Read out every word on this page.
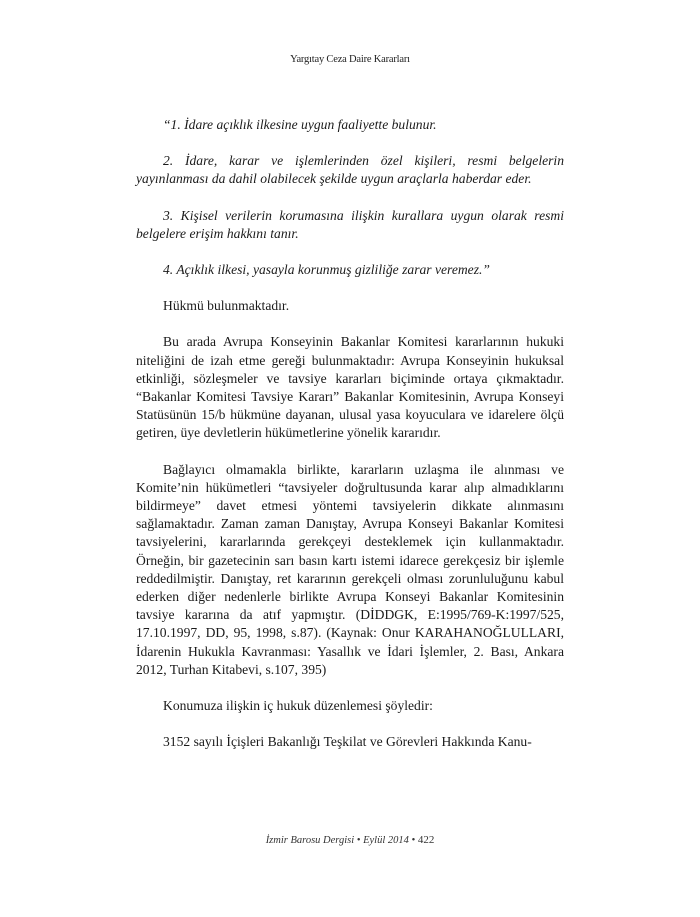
Yargıtay Ceza Daire Kararları

“1. İdare açıklık ilkesine uygun faaliyette bulunur.

2. İdare, karar ve işlemlerinden özel kişileri, resmi belgelerin yayınlanması da dahil olabilecek şekilde uygun araçlarla haberdar eder.

3. Kişisel verilerin korumasına ilişkin kurallara uygun olarak resmi belgelere erişim hakkını tanır.

4. Açıklık ilkesi, yasayla korunmuş gizliliğe zarar veremez.”

Hükmü bulunmaktadır.

Bu arada Avrupa Konseyinin Bakanlar Komitesi kararlarının hukuki niteliğini de izah etme gereği bulunmaktadır: Avrupa Konseyinin hukuksal etkinliği, sözleşmeler ve tavsiye kararları biçiminde ortaya çıkmaktadır. “Bakanlar Komitesi Tavsiye Kararı” Bakanlar Komitesinin, Avrupa Konseyi Statüsünün 15/b hükmüne dayanan, ulusal yasa koyuculara ve idarelere ölçü getiren, üye devletlerin hükümetlerine yönelik kararıdır.

Bağlayıcı olmamakla birlikte, kararların uzlaşma ile alınması ve Komite’nin hükümetleri “tavsiyeler doğrultusunda karar alıp almadıklarını bildirmeye” davet etmesi yöntemi tavsiyelerin dikkate alınmasını sağlamaktadır. Zaman zaman Danıştay, Avrupa Konseyi Bakanlar Komitesi tavsiyelerini, kararlarında gerekçeyi desteklemek için kullanmaktadır. Örneğin, bir gazetecinin sarı basın kartı istemi idarece gerekçesiz bir işlemle reddedilmiştir. Danıştay, ret kararının gerekçeli olması zorunluluğunu kabul ederken diğer nedenlerle birlikte Avrupa Konseyi Bakanlar Komitesinin tavsiye kararına da atıf yapmıştır. (DİDDGK, E:1995/769-K:1997/525, 17.10.1997, DD, 95, 1998, s.87). (Kaynak: Onur KARAHANOĞLULLARI, İdarenin Hukukla Kavranması: Yasallık ve İdari İşlemler, 2. Bası, Ankara 2012, Turhan Kitabevi, s.107, 395)

Konumuza ilişkin iç hukuk düzenlemesi şöyledir:

3152 sayılı İçişleri Bakanlığı Teşkilat ve Görevleri Hakkında Kanu-

İzmir Barosu Dergisi • Eylül 2014 • 422
